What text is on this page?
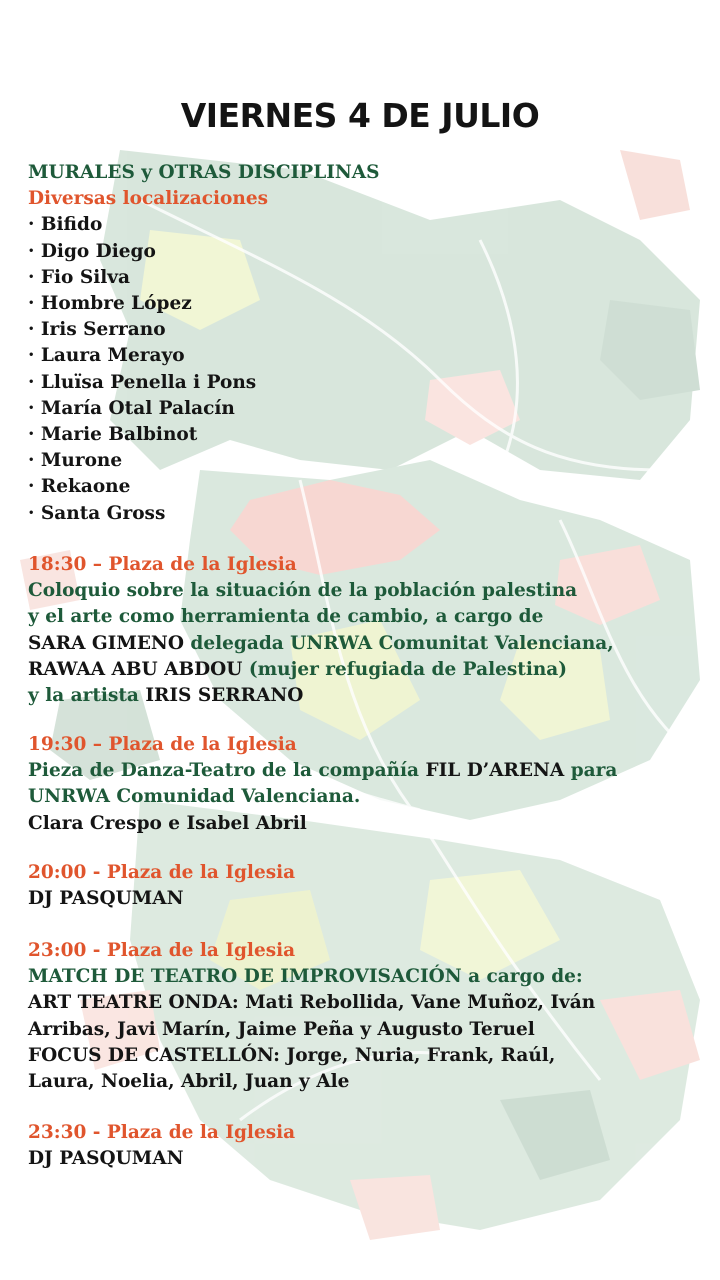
VIERNES 4 DE JULIO
MURALES y OTRAS DISCIPLINAS
Diversas localizaciones
· Bifido
· Digo Diego
· Fio Silva
· Hombre López
· Iris Serrano
· Laura Merayo
· Lluïsa Penella i Pons
· María Otal Palacín
· Marie Balbinot
· Murone
· Rekaone
· Santa Gross
18:30 – Plaza de la Iglesia
Coloquio sobre la situación de la población palestina
y el arte como herramienta de cambio, a cargo de
SARA GIMENO delegada UNRWA Comunitat Valenciana,
RAWAA ABU ABDOU (mujer refugiada de Palestina)
y la artista IRIS SERRANO
19:30 – Plaza de la Iglesia
Pieza de Danza-Teatro de la compañía FIL D’ARENA para
UNRWA Comunidad Valenciana.
Clara Crespo e Isabel Abril
20:00 - Plaza de la Iglesia
DJ PASQUMAN
23:00 - Plaza de la Iglesia
MATCH DE TEATRO DE IMPROVISACIÓN a cargo de:
ART TEATRE ONDA: Mati Rebollida, Vane Muñoz, Iván
Arribas, Javi Marín, Jaime Peña y Augusto Teruel
FOCUS DE CASTELLÓN: Jorge, Nuria, Frank, Raúl,
Laura, Noelia, Abril, Juan y Ale
23:30 - Plaza de la Iglesia
DJ PASQUMAN
